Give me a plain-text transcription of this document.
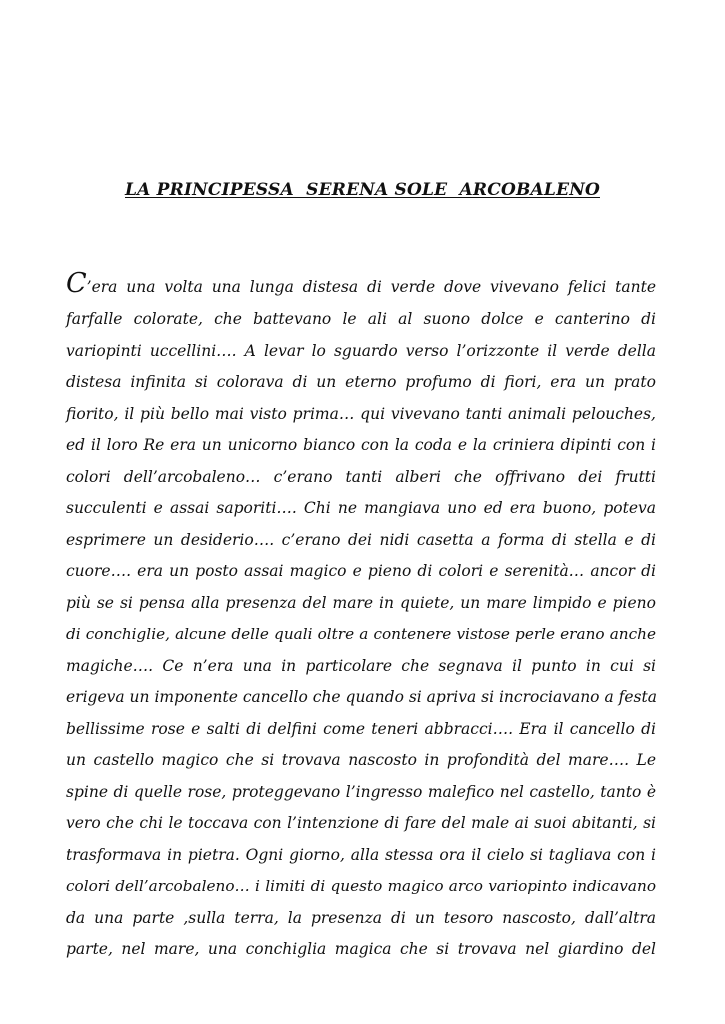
LA PRINCIPESSA  SERENA SOLE  ARCOBALENO
C’era una volta una lunga distesa di verde dove vivevano felici tante
farfalle colorate, che battevano le ali al suono dolce e canterino di
variopinti uccellini…. A levar lo sguardo verso l’orizzonte il verde della
distesa infinita si colorava di un eterno profumo di fiori, era un prato
fiorito, il più bello mai visto prima… qui vivevano tanti animali pelouches,
ed il loro Re era un unicorno bianco con la coda e la criniera dipinti con i
colori dell’arcobaleno… c’erano tanti alberi che offrivano dei frutti
succulenti e assai saporiti…. Chi ne mangiava uno ed era buono, poteva
esprimere un desiderio…. c’erano dei nidi casetta a forma di stella e di
cuore…. era un posto assai magico e pieno di colori e serenità… ancor di
più se si pensa alla presenza del mare in quiete, un mare limpido e pieno
di conchiglie, alcune delle quali oltre a contenere vistose perle erano anche
magiche…. Ce n’era una in particolare che segnava il punto in cui si
erigeva un imponente cancello che quando si apriva si incrociavano a festa
bellissime rose e salti di delfini come teneri abbracci…. Era il cancello di
un castello magico che si trovava nascosto in profondità del mare…. Le
spine di quelle rose, proteggevano l’ingresso malefico nel castello, tanto è
vero che chi le toccava con l’intenzione di fare del male ai suoi abitanti, si
trasformava in pietra. Ogni giorno, alla stessa ora il cielo si tagliava con i
colori dell’arcobaleno… i limiti di questo magico arco variopinto indicavano
da una parte ,sulla terra, la presenza di un tesoro nascosto, dall’altra
parte, nel mare, una conchiglia magica che si trovava nel giardino del
